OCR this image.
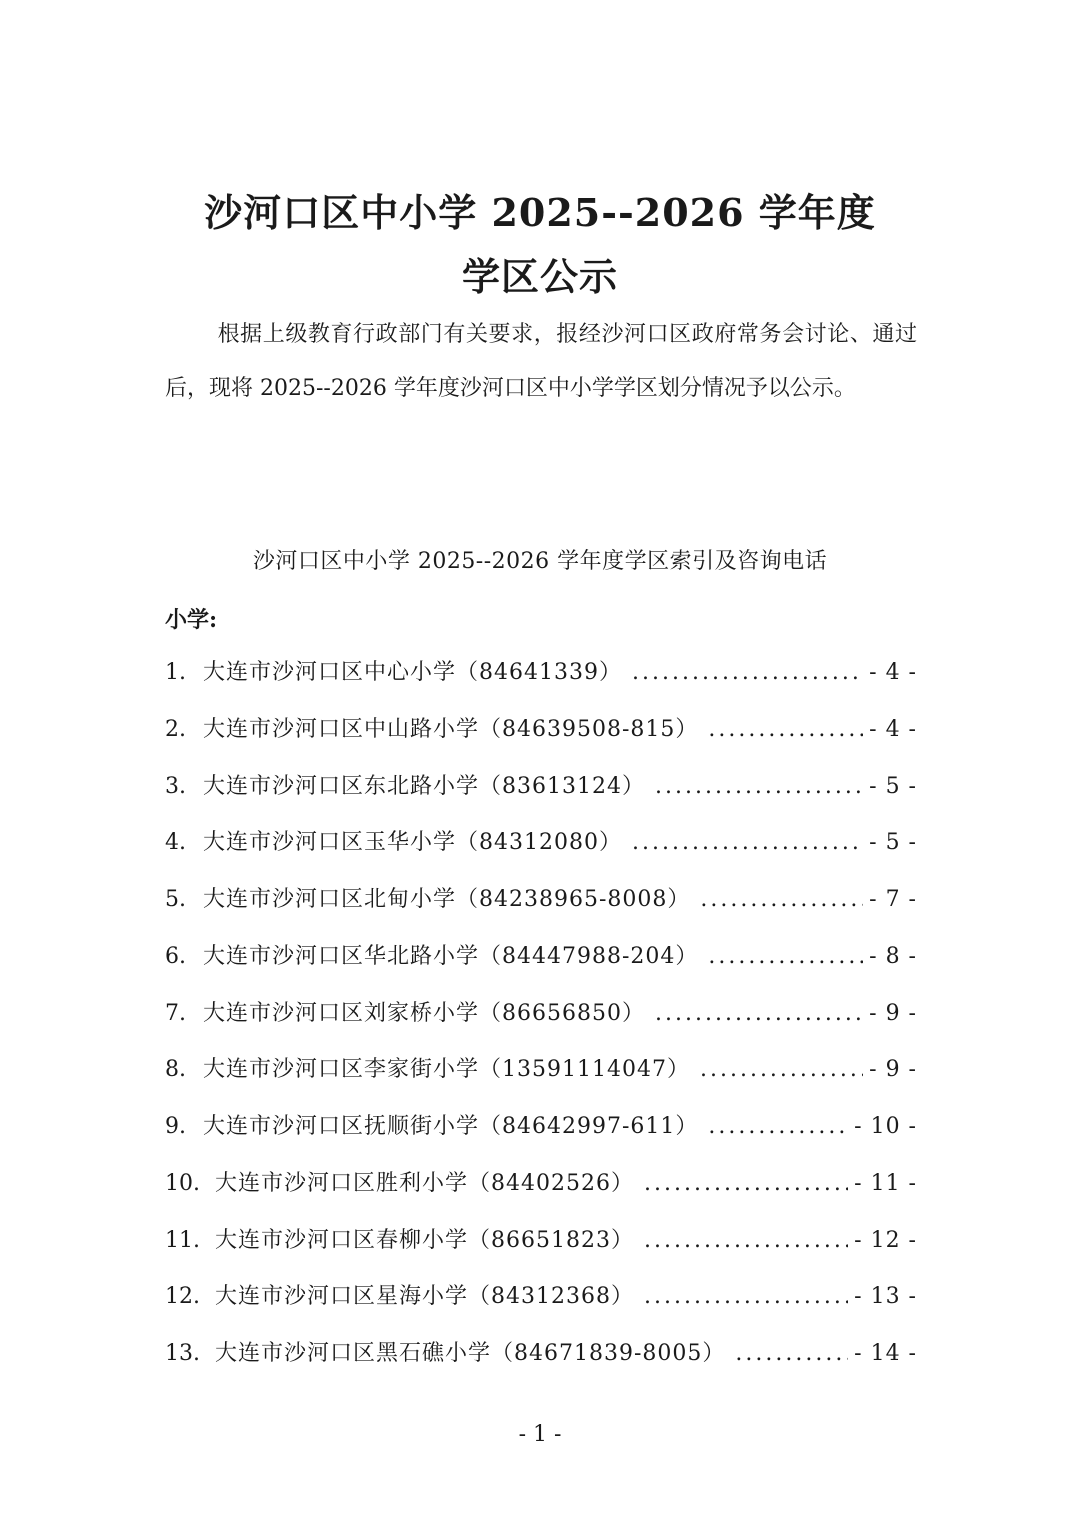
沙河口区中小学 2025--2026 学年度
学区公示
根据上级教育行政部门有关要求，报经沙河口区政府常务会讨论、通过后，现将 2025--2026 学年度沙河口区中小学学区划分情况予以公示。
沙河口区中小学 2025--2026 学年度学区索引及咨询电话
小学:
1. 大连市沙河口区中心小学 （84641339） .....	- 4 -
2. 大连市沙河口区中山路小学 （84639508-815） .....	- 4 -
3. 大连市沙河口区东北路小学 （83613124） .....	- 5 -
4. 大连市沙河口区玉华小学 （84312080） .....	- 5 -
5. 大连市沙河口区北甸小学 （84238965-8008） .....	- 7 -
6. 大连市沙河口区华北路小学 （84447988-204） .....	- 8 -
7. 大连市沙河口区刘家桥小学 （86656850） .....	- 9 -
8. 大连市沙河口区李家街小学 （13591114047） .....	- 9 -
9. 大连市沙河口区抚顺街小学 （84642997-611） .....	- 10 -
10. 大连市沙河口区胜利小学 （84402526） .....	- 11 -
11. 大连市沙河口区春柳小学 （86651823） .....	- 12 -
12. 大连市沙河口区星海小学 （84312368） .....	- 13 -
13. 大连市沙河口区黑石礁小学 （84671839-8005） .....	- 14 -
- 1 -
